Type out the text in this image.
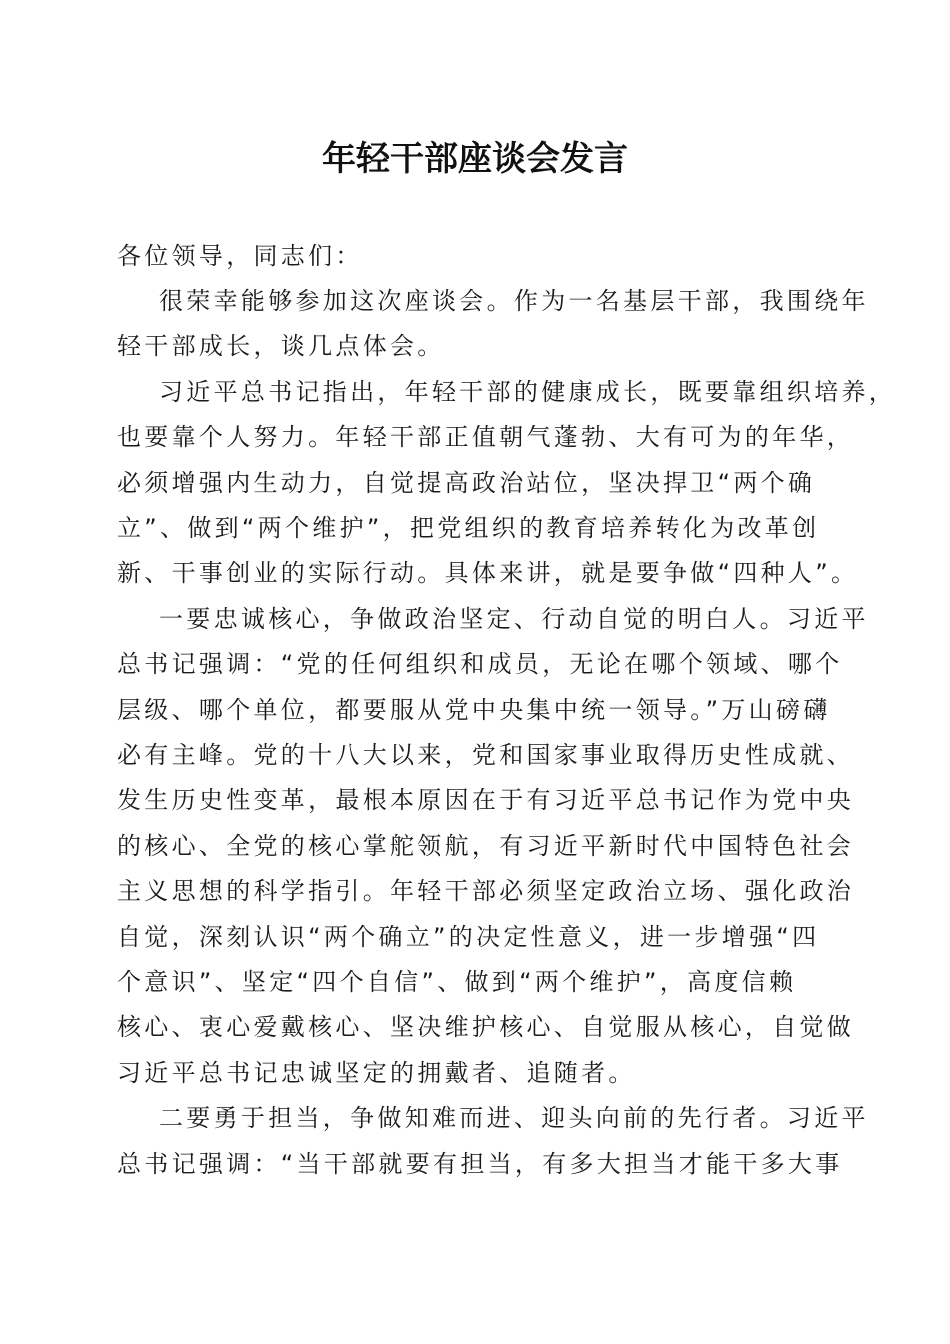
年轻干部座谈会发言

各位领导，同志们：

很荣幸能够参加这次座谈会。作为一名基层干部，我围绕年

轻干部成长，谈几点体会。

习近平总书记指出，年轻干部的健康成长，既要靠组织培养，

也要靠个人努力。年轻干部正值朝气蓬勃、大有可为的年华，

必须增强内生动力，自觉提高政治站位，坚决捍卫“两个确

立”、做到“两个维护”，把党组织的教育培养转化为改革创

新、干事创业的实际行动。具体来讲，就是要争做“四种人”。

一要忠诚核心，争做政治坚定、行动自觉的明白人。习近平

总书记强调：“党的任何组织和成员，无论在哪个领域、哪个

层级、哪个单位，都要服从党中央集中统一领导。”万山磅礴

必有主峰。党的十八大以来，党和国家事业取得历史性成就、

发生历史性变革，最根本原因在于有习近平总书记作为党中央

的核心、全党的核心掌舵领航，有习近平新时代中国特色社会

主义思想的科学指引。年轻干部必须坚定政治立场、强化政治

自觉，深刻认识“两个确立”的决定性意义，进一步增强“四

个意识”、坚定“四个自信”、做到“两个维护”，高度信赖

核心、衷心爱戴核心、坚决维护核心、自觉服从核心，自觉做

习近平总书记忠诚坚定的拥戴者、追随者。

二要勇于担当，争做知难而进、迎头向前的先行者。习近平

总书记强调：“当干部就要有担当，有多大担当才能干多大事
